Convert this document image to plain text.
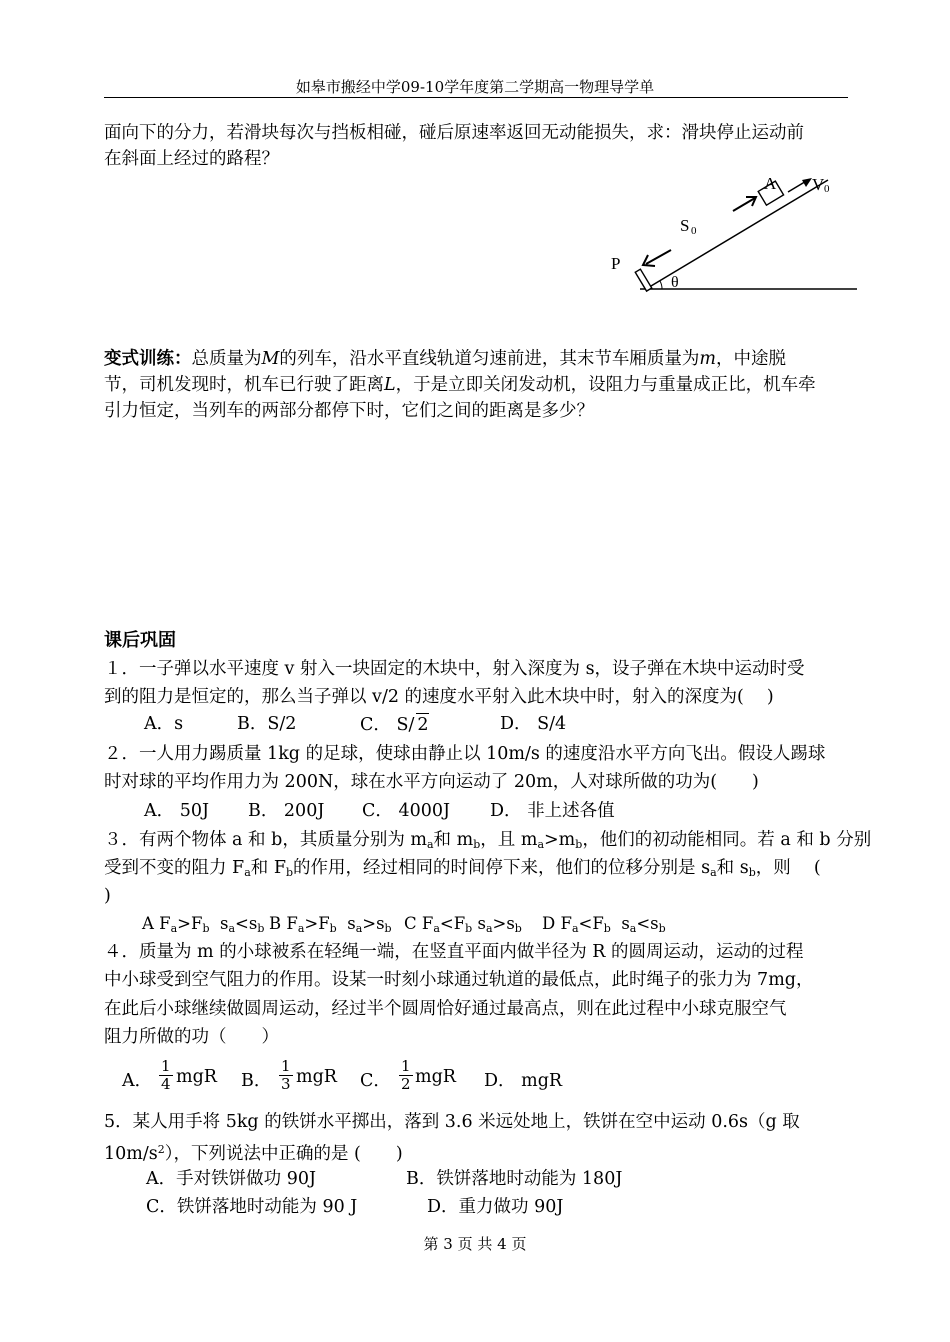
如皋市搬经中学09-10学年度第二学期高一物理导学单
面向下的分力，若滑块每次与挡板相碰，碰后原速率返回无动能损失，求：滑块停止运动前
在斜面上经过的路程？
A V 0
S 0
P
θ
变式训练：总质量为M的列车，沿水平直线轨道匀速前进，其末节车厢质量为m，中途脱
节，司机发现时，机车已行驶了距离L，于是立即关闭发动机，设阻力与重量成正比，机车牵
引力恒定，当列车的两部分都停下时，它们之间的距离是多少？
课后巩固
１．一子弹以水平速度 v 射入一块固定的木块中，射入深度为 s，设子弹在木块中运动时受
到的阻力是恒定的，那么当子弹以 v/2 的速度水平射入此木块中时，射入的深度为(　 )
A．s	B．S/2	C． S/ 2	D． S/4
２．一人用力踢质量 1kg 的足球，使球由静止以 10m/s 的速度沿水平方向飞出。假设人踢球
时对球的平均作用力为 200N，球在水平方向运动了 20m，人对球所做的功为(　　)
A． 50J B． 200J C． 4000J D． 非上述各值
３．有两个物体 a 和 b，其质量分别为 $m_a$和 $m_b$，且 $m_a>m_b$，他们的初动能相同。若 a 和 b 分别
受到不变的阻力 $F_a$和 $F_b$的作用，经过相同的时间停下来，他们的位移分别是 $s_a$和 $s_b$，则　 (
)
A $F_a>F_b$  $s_a<s_b$ B $F_a>F_b$  $s_a>s_b$ C $F_a<F_b$ $s_a>s_b$ D $F_a<F_b$  $s_a<s_b$
４．质量为 m 的小球被系在轻绳一端，在竖直平面内做半径为 R 的圆周运动，运动的过程
中小球受到空气阻力的作用。设某一时刻小球通过轨道的最低点，此时绳子的张力为 7mg，
在此后小球继续做圆周运动，经过半个圆周恰好通过最高点，则在此过程中小球克服空气
阻力所做的功（　　）
A． $\frac{1}{4}$ mgR B． $\frac{1}{3}$ mgR C． $\frac{1}{2}$ mgR D． mgR
5．某人用手将 5kg 的铁饼水平掷出，落到 3.6 米远处地上，铁饼在空中运动 0.6s（g 取
$10m/s^2$），下列说法中正确的是 (　　)
A．手对铁饼做功 90J	B．铁饼落地时动能为 180J
C．铁饼落地时动能为 90 J	D．重力做功 90J
第 3 页 共 4 页
